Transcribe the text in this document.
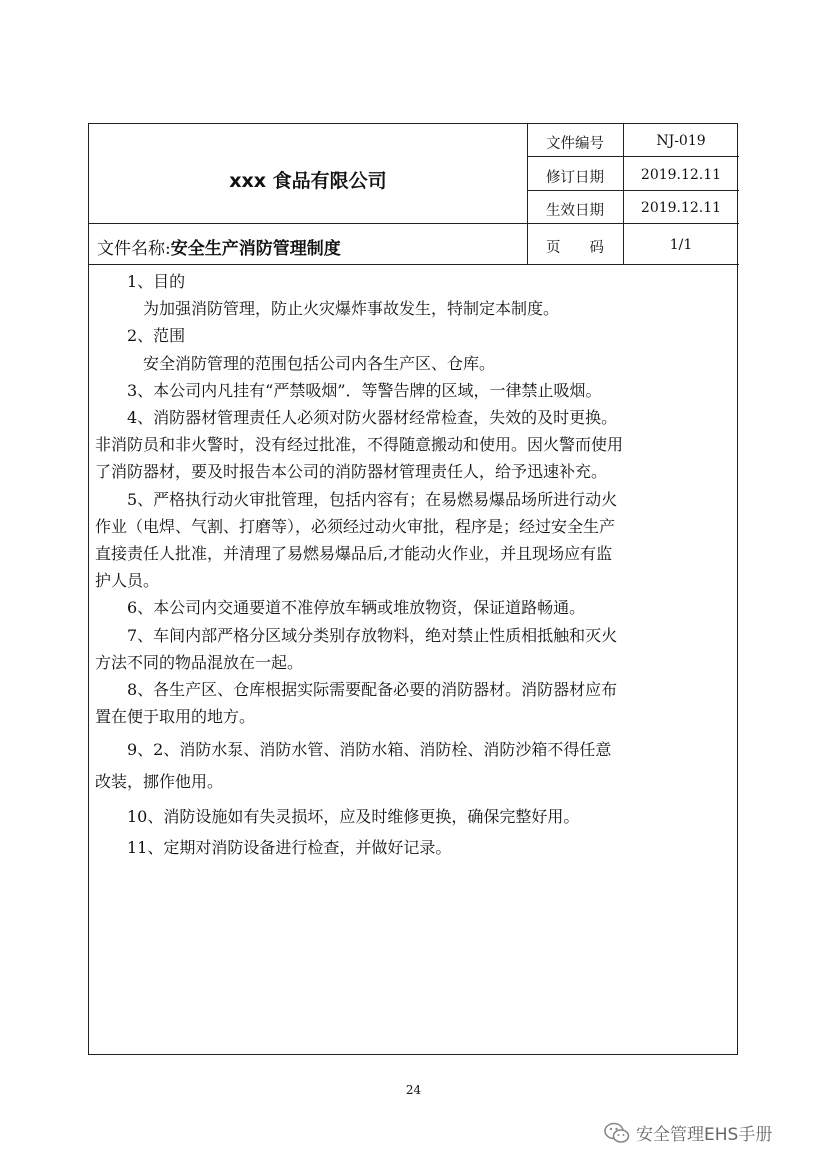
xxx 食品有限公司
文件编号	NJ-019
修订日期	2019.12.11
生效日期	2019.12.11
页　　码	1/1
文件名称:安全生产消防管理制度

　　1、目的

　　　为加强消防管理，防止火灾爆炸事故发生，特制定本制度。

　　2、范围

　　　安全消防管理的范围包括公司内各生产区、仓库。

　　3、本公司内凡挂有“严禁吸烟”．等警告牌的区域，一律禁止吸烟。

　　4、消防器材管理责任人必须对防火器材经常检查，失效的及时更换。

非消防员和非火警时，没有经过批准，不得随意搬动和使用。因火警而使用

了消防器材，要及时报告本公司的消防器材管理责任人，给予迅速补充。

　　5、严格执行动火审批管理，包括内容有；在易燃易爆品场所进行动火

作业（电焊、气割、打磨等），必须经过动火审批，程序是；经过安全生产

直接责任人批准，并清理了易燃易爆品后,才能动火作业，并且现场应有监

护人员。

　　6、本公司内交通要道不准停放车辆或堆放物资，保证道路畅通。

　　7、车间内部严格分区域分类别存放物料，绝对禁止性质相抵触和灭火

方法不同的物品混放在一起。

　　8、各生产区、仓库根据实际需要配备必要的消防器材。消防器材应布

置在便于取用的地方。

　　9、2、消防水泵、消防水管、消防水箱、消防栓、消防沙箱不得任意

改装，挪作他用。

　　10、消防设施如有失灵损坏，应及时维修更换，确保完整好用。

　　11、定期对消防设备进行检查，并做好记录。

24
安全管理EHS手册
